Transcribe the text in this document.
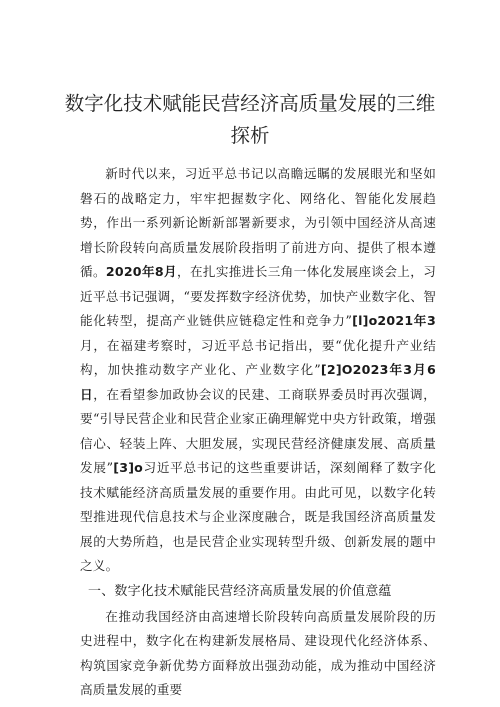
数字化技术赋能民营经济高质量发展的三维探析

新时代以来，习近平总书记以高瞻远瞩的发展眼光和坚如磐石的战略定力，牢牢把握数字化、网络化、智能化发展趋势，作出一系列新论断新部署新要求，为引领中国经济从高速增长阶段转向高质量发展阶段指明了前进方向、提供了根本遵循。2020年8月，在扎实推进长三角一体化发展座谈会上，习近平总书记强调，“要发挥数字经济优势，加快产业数字化、智能化转型，提高产业链供应链稳定性和竞争力”[l]o2021年3月，在福建考察时，习近平总书记指出，要“优化提升产业结构，加快推动数字产业化、产业数字化”[2]O2023年3月6日，在看望参加政协会议的民建、工商联界委员时再次强调，要“引导民营企业和民营企业家正确理解党中央方针政策，增强信心、轻装上阵、大胆发展，实现民营经济健康发展、高质量发展”[3]o习近平总书记的这些重要讲话，深刻阐释了数字化技术赋能经济高质量发展的重要作用。由此可见，以数字化转型推进现代信息技术与企业深度融合，既是我国经济高质量发展的大势所趋，也是民营企业实现转型升级、创新发展的题中之义。

一、数字化技术赋能民营经济高质量发展的价值意蕴

在推动我国经济由高速增长阶段转向高质量发展阶段的历史进程中，数字化在构建新发展格局、建设现代化经济体系、构筑国家竞争新优势方面释放出强劲动能，成为推动中国经济高质量发展的重要
